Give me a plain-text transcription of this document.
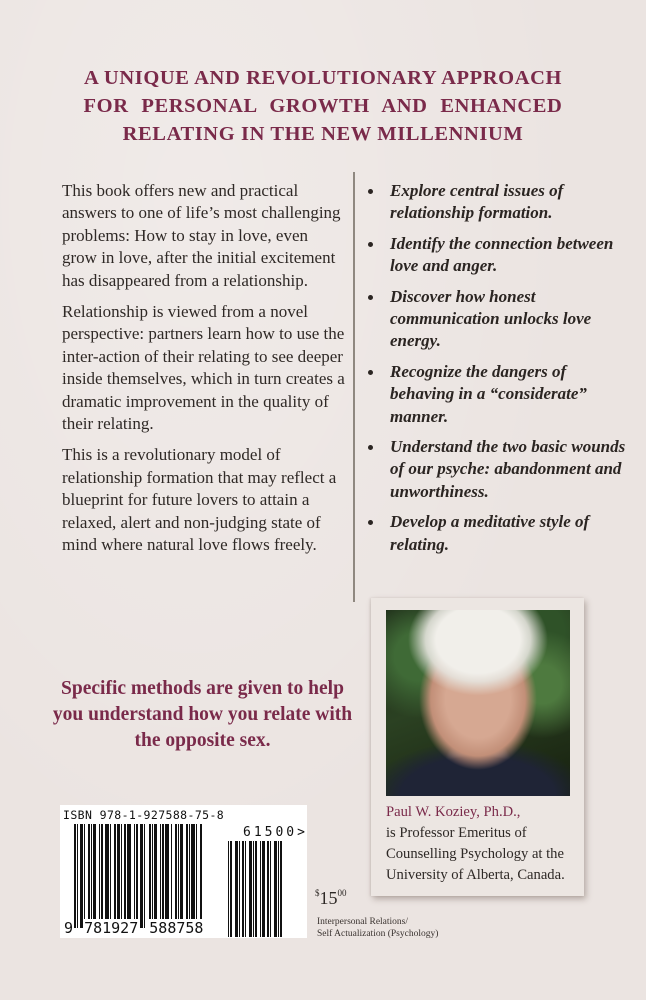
A UNIQUE AND REVOLUTIONARY APPROACH
FOR PERSONAL GROWTH AND ENHANCED
RELATING IN THE NEW MILLENNIUM

This book offers new and practical answers to one of life’s most challenging problems: How to stay in love, even grow in love, after the initial excitement has disappeared from a relationship.

Relationship is viewed from a novel perspective: partners learn how to use the inter-action of their relating to see deeper inside themselves, which in turn creates a dramatic improvement in the quality of their relating.

This is a revolutionary model of relationship formation that may reflect a blueprint for future lovers to attain a relaxed, alert and non-judging state of mind where natural love flows freely.

Explore central issues of relationship formation.
Identify the connection between love and anger.
Discover how honest communication unlocks love energy.
Recognize the dangers of behaving in a “considerate” manner.
Understand the two basic wounds of our psyche: abandonment and unworthiness.
Develop a meditative style of relating.

Specific methods are given to help you understand how you relate with the opposite sex.

Paul W. Koziey, Ph.D.,
is Professor Emeritus of
Counselling Psychology at the
University of Alberta, Canada.
ISBN 978-1-927588-75-8
61500>
9 781927 588758
$^{\$}15^{00}$
Interpersonal Relations/
Self Actualization (Psychology)
